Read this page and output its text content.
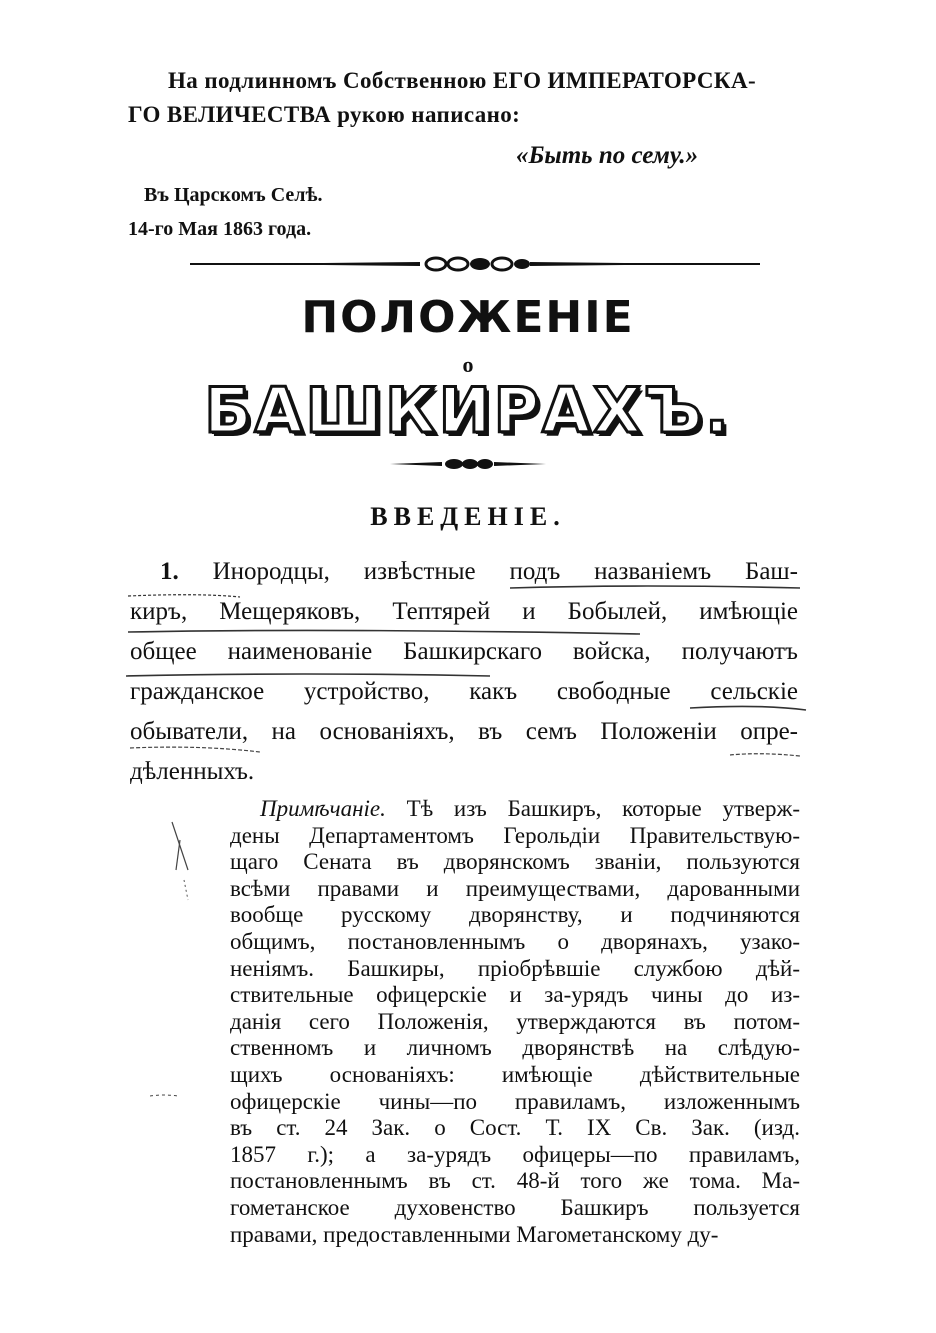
На подлинномъ Собственною ЕГО ИМПЕРАТОРСКА-
ГО ВЕЛИЧЕСТВА рукою написано:
«Быть по сему.»
Въ Царскомъ Селѣ.
14-го Мая 1863 года.
ПОЛОЖЕНІЕ
о
БАШКИРАХЪ.
ВВЕДЕНІЕ.
1. Инородцы, извѣстные подъ названіемъ Баш-
киръ, Мещеряковъ, Тептярей и Бобылей, имѣющіе
общее наименованіе Башкирскаго войска, получаютъ
гражданское устройство, какъ свободные сельскіе
обыватели, на основаніяхъ, въ семъ Положеніи опре-
дѣленныхъ.
Примѣчаніе. Тѣ изъ Башкиръ, которые утверж-
дены Департаментомъ Герольдіи Правительствую-
щаго Сената въ дворянскомъ званіи, пользуются
всѣми правами и преимуществами, дарованными
вообще русскому дворянству, и подчиняются
общимъ, постановленнымъ о дворянахъ, узако-
неніямъ. Башкиры, пріобрѣвшіе службою дѣй-
ствительные офицерскіе и за-урядъ чины до из-
данія сего Положенія, утверждаются въ потом-
ственномъ и личномъ дворянствѣ на слѣдую-
щихъ основаніяхъ: имѣющіе дѣйствительные
офицерскіе чины—по правиламъ, изложеннымъ
въ ст. 24 Зак. о Сост. Т. IX Св. Зак. (изд.
1857 г.); а за-урядъ офицеры—по правиламъ,
постановленнымъ въ ст. 48-й того же тома. Ма-
гометанское духовенство Башкиръ пользуется
правами, предоставленными Магометанскому ду-
